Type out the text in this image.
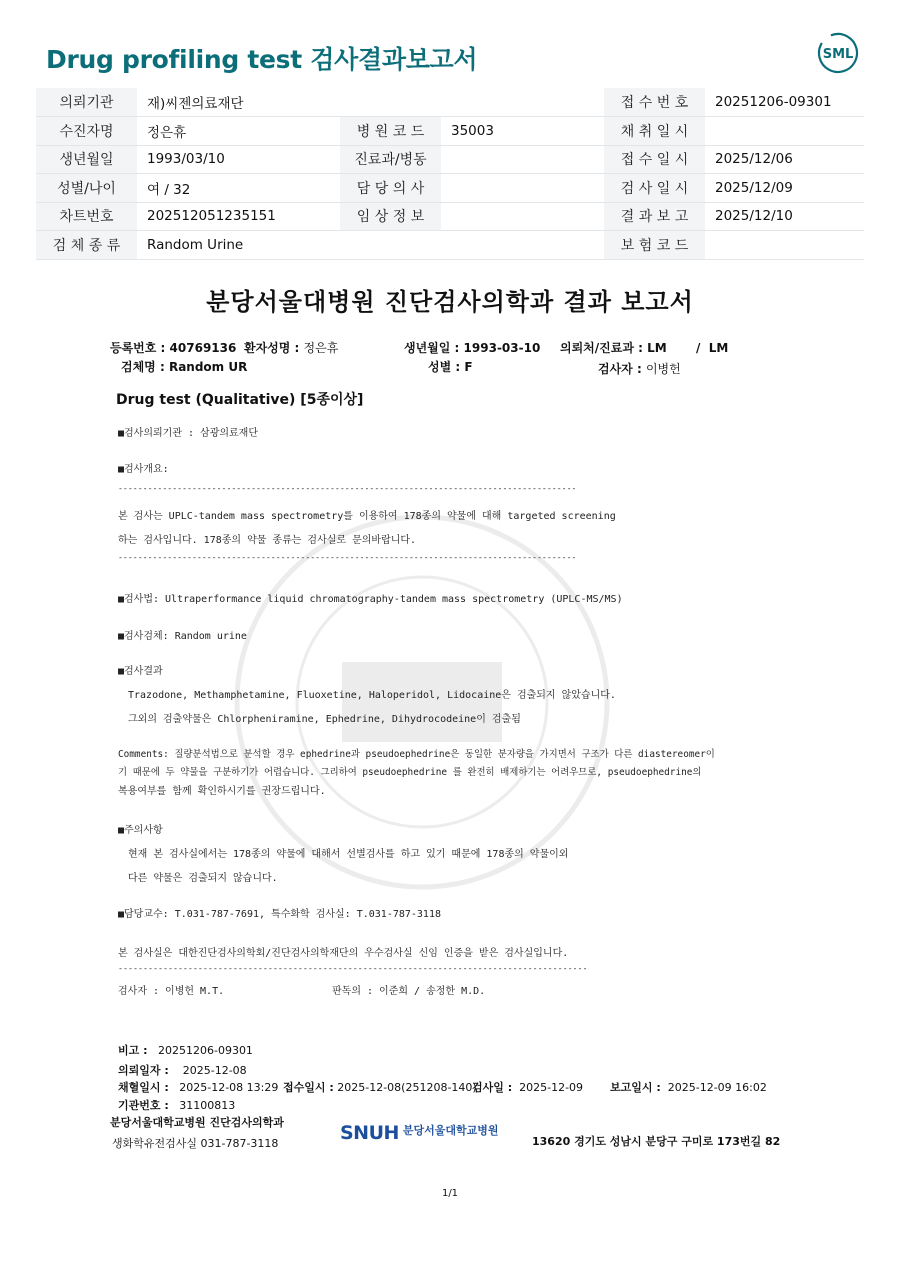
Drug profiling test 검사결과보고서	SML
의뢰기관	재)씨젠의료재단			접 수 번 호	20251206-09301
수진자명	정은휴	병 원 코 드	35003	채 취 일 시	
생년월일	1993/03/10	진료과/병동		접 수 일 시	2025/12/06
성별/나이	여 / 32	담 당 의 사		검 사 일 시	2025/12/09
차트번호	202512051235151	임 상 정 보		결 과 보 고	2025/12/10
검 체 종 류	Random Urine			보 험 코 드	
분당서울대병원 진단검사의학과 결과 보고서
등록번호 : 40769136 환자성명 : 정은휴	생년월일 : 1993-03-10 의뢰처/진료과 : LM / LM
검체명 : Random UR	성별 : F	검사자 : 이병헌
Drug test (Qualitative) [5종이상]
■검사의뢰기관 : 삼광의료재단
■검사개요:
---------------------------------------------------------------------------------------------
본 검사는 UPLC-tandem mass spectrometry를 이용하여 178종의 약물에 대해 targeted screening
하는 검사입니다. 178종의 약물 종류는 검사실로 문의바랍니다.
---------------------------------------------------------------------------------------------
■검사법: Ultraperformance liquid chromatography-tandem mass spectrometry (UPLC-MS/MS)
■검사검체: Random urine
■검사결과
Trazodone, Methamphetamine, Fluoxetine, Haloperidol, Lidocaine은 검출되지 않았습니다.
그외의 검출약물은 Chlorpheniramine, Ephedrine, Dihydrocodeine이 검출됨
Comments: 질량분석법으로 분석할 경우 ephedrine과 pseudoephedrine은 동일한 분자량을 가지면서 구조가 다른 diastereomer이
기 때문에 두 약물을 구분하기가 어렵습니다. 그리하여 pseudoephedrine 를 완전히 배제하기는 어려우므로, pseudoephedrine의
복용여부를 함께 확인하시기를 권장드립니다.
■주의사항
현재 본 검사실에서는 178종의 약물에 대해서 선별검사를 하고 있기 때문에 178종의 약물이외
다른 약물은 검출되지 않습니다.
■담당교수: T.031-787-7691, 특수화학 검사실: T.031-787-3118
본 검사실은 대한진단검사의학회/진단검사의학재단의 우수검사실 신임 인증을 받은 검사실입니다.
----------------------------------------------------------------------------------------------
검사자 : 이병헌 M.T.	판독의 : 이준희 / 송정한 M.D.
비고 : 20251206-09301
의뢰일자 : 2025-12-08
채혈일시 : 2025-12-08 13:29 접수일시 : 2025-12-08(251208-140)
검사일 : 2025-12-09 보고일시 : 2025-12-09 16:02
기관번호 : 31100813
분당서울대학교병원 진단검사의학과
생화학유전검사실 031-787-3118	SNUH $^{분당서울대학교병원}$
13620 경기도 성남시 분당구 구미로 173번길 82
1/1
